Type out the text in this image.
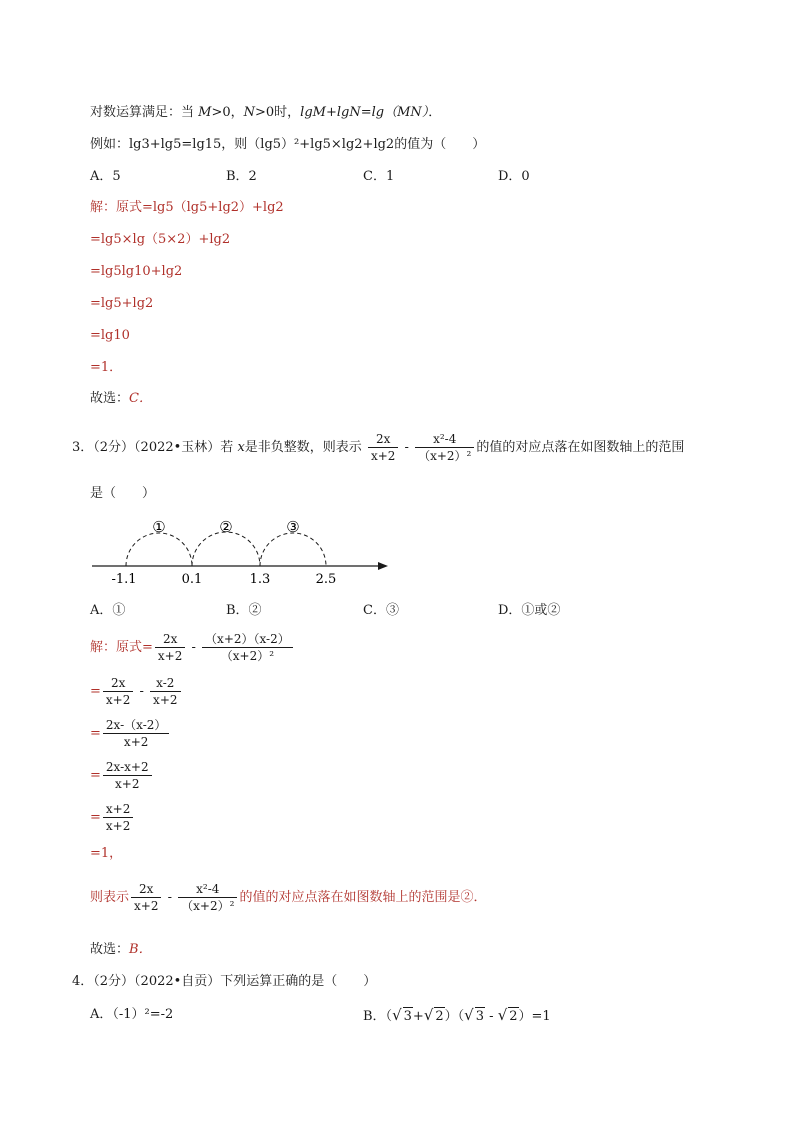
对数运算满足：当 M>0，N>0时，lgM+lgN=lg（MN）．
例如：lg3+lg5=lg15，则（lg5）²+lg5×lg2+lg2的值为（　　）
A．5	B．2	C．1	D．0
解：原式=lg5（lg5+lg2）+lg2
=lg5×lg（5×2）+lg2
=lg5lg10+lg2
=lg5+lg2
=lg10
=1．
故选：C．
3．（2分）（2022•玉林）若 x是非负整数，则表示 $\frac{2x}{x+2} - \frac{\text{x²-4}}{\text{（x+2）²}}$ 的值的对应点落在如图数轴上的范围
是（　　）
①	②	③
-1.1	0.1	1.3	2.5
A．①	B．②	C．③	D．①或②
解：原式= $\frac{2x}{x+2} - \frac{(x+2)(x-2)}{\text{（x+2）²}}$
= $\frac{2x}{x+2} - \frac{x-2}{x+2}$
= $\frac{2x-(x-2)}{x+2}$
= $\frac{2x-x+2}{x+2}$
= $\frac{x+2}{x+2}$
=1，
则表示 $\frac{2x}{x+2} - \frac{\text{x²-4}}{\text{（x+2）²}}$ 的值的对应点落在如图数轴上的范围是②．
故选：B．
4．（2分）（2022•自贡）下列运算正确的是（　　）
A．（-1）²=-2	B．（√ 3+√ 2）（√ 3 - √ 2）=1
